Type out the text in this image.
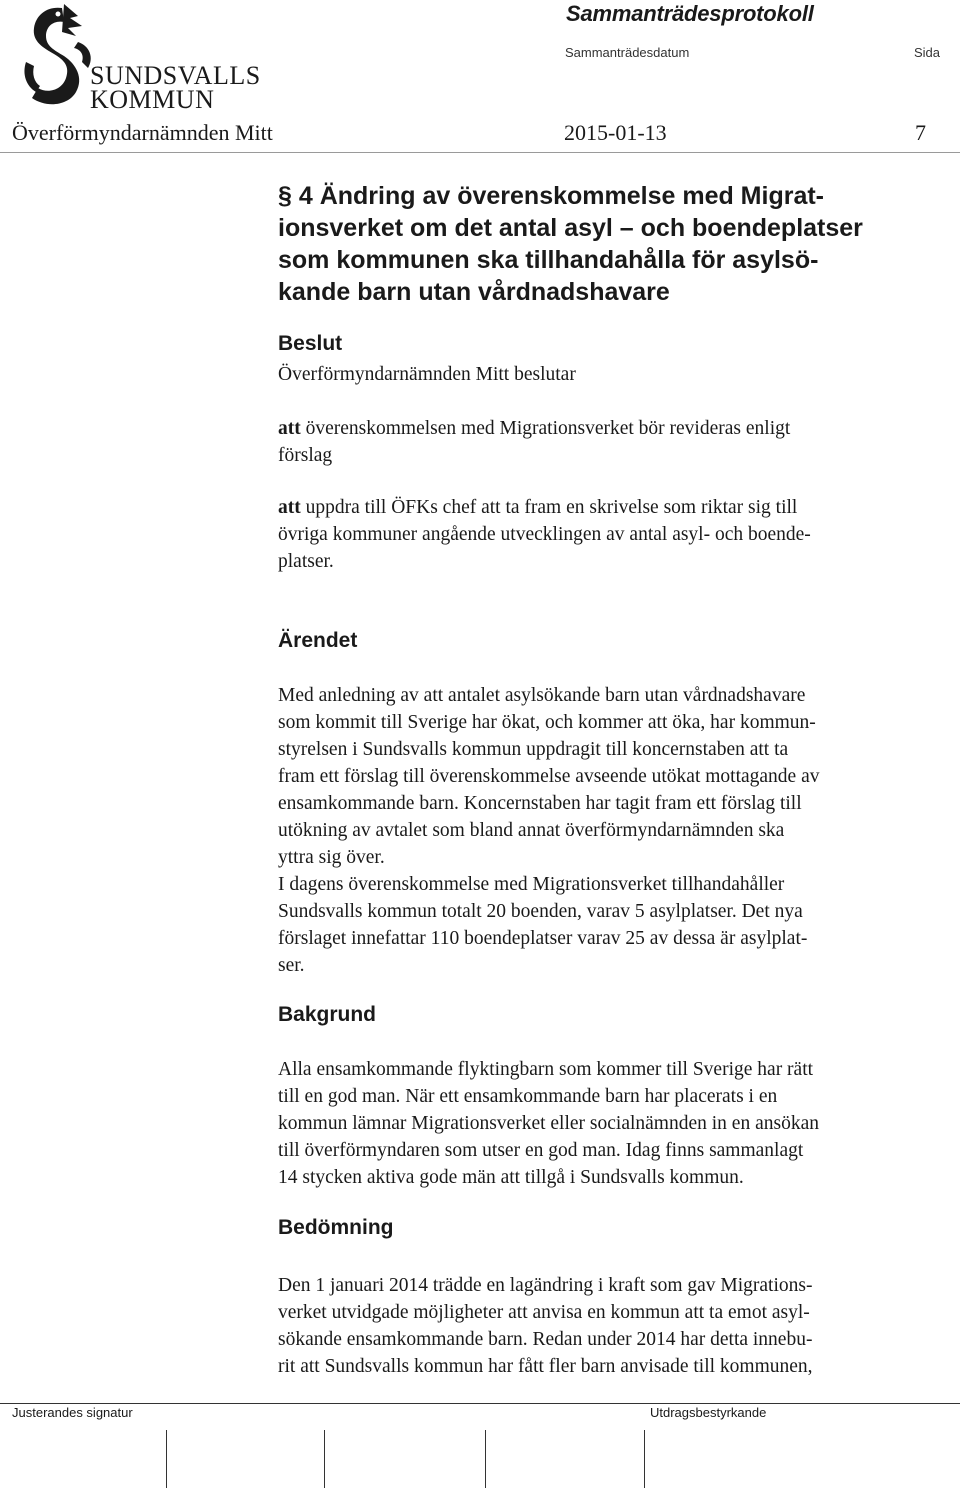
SUNDSVALLS
KOMMUN
Sammanträdesprotokoll
Sammanträdesdatum	Sida
Överförmyndarnämnden Mitt	2015-01-13	7
§ 4 Ändring av överenskommelse med Migrat-
ionsverket om det antal asyl – och boendeplatser
som kommunen ska tillhandahålla för asylsö-
kande barn utan vårdnadshavare
Beslut

Överförmyndarnämnden Mitt beslutar

att överenskommelsen med Migrationsverket bör revideras enligt
förslag

att uppdra till ÖFKs chef att ta fram en skrivelse som riktar sig till
övriga kommuner angående utvecklingen av antal asyl- och boende-
platser.

Ärendet

Med anledning av att antalet asylsökande barn utan vårdnadshavare
som kommit till Sverige har ökat, och kommer att öka, har kommun-
styrelsen i Sundsvalls kommun uppdragit till koncernstaben att ta
fram ett förslag till överenskommelse avseende utökat mottagande av
ensamkommande barn. Koncernstaben har tagit fram ett förslag till
utökning av avtalet som bland annat överförmyndarnämnden ska
yttra sig över.
I dagens överenskommelse med Migrationsverket tillhandahåller
Sundsvalls kommun totalt 20 boenden, varav 5 asylplatser. Det nya
förslaget innefattar 110 boendeplatser varav 25 av dessa är asylplat-
ser.

Bakgrund

Alla ensamkommande flyktingbarn som kommer till Sverige har rätt
till en god man. När ett ensamkommande barn har placerats i en
kommun lämnar Migrationsverket eller socialnämnden in en ansökan
till överförmyndaren som utser en god man. Idag finns sammanlagt
14 stycken aktiva gode män att tillgå i Sundsvalls kommun.

Bedömning

Den 1 januari 2014 trädde en lagändring i kraft som gav Migrations-
verket utvidgade möjligheter att anvisa en kommun att ta emot asyl-
sökande ensamkommande barn. Redan under 2014 har detta innebu-
rit att Sundsvalls kommun har fått fler barn anvisade till kommunen,

Justerandes signatur	Utdragsbestyrkande
